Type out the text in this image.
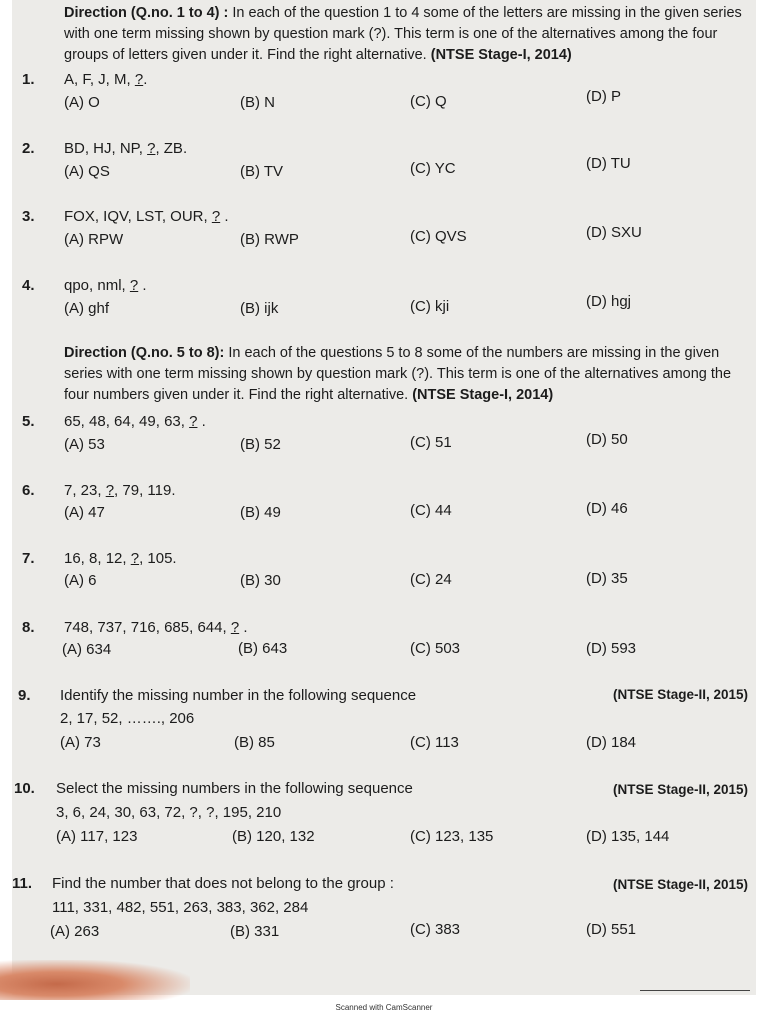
Direction (Q.no. 1 to 4) : In each of the question 1 to 4 some of the letters are missing in the given series with one term missing shown by question mark (?). This term is one of the alternatives among the four groups of letters given under it. Find the right alternative. (NTSE Stage-I, 2014)
1. A, F, J, M, ?.
(A) O	(B) N	(C) Q	(D) P
2. BD, HJ, NP, ?, ZB.
(A) QS	(B) TV	(C) YC	(D) TU
3. FOX, IQV, LST, OUR, ? .
(A) RPW	(B) RWP	(C) QVS	(D) SXU
4. qpo, nml, ? .
(A) ghf	(B) ijk	(C) kji	(D) hgj
Direction (Q.no. 5 to 8): In each of the questions 5 to 8 some of the numbers are missing in the given series with one term missing shown by question mark (?). This term is one of the alternatives among the four numbers given under it. Find the right alternative. (NTSE Stage-I, 2014)
5. 65, 48, 64, 49, 63, ? .
(A) 53	(B) 52	(C) 51	(D) 50
6. 7, 23, ?, 79, 119.
(A) 47	(B) 49	(C) 44	(D) 46
7. 16, 8, 12, ?, 105.
(A) 6	(B) 30	(C) 24	(D) 35
8. 748, 737, 716, 685, 644, ? .
(A) 634	(B) 643	(C) 503	(D) 593
9. Identify the missing number in the following sequence	(NTSE Stage-II, 2015)
2, 17, 52, ……., 206
(A) 73	(B) 85	(C) 113	(D) 184
10. Select the missing numbers in the following sequence	(NTSE Stage-II, 2015)
3, 6, 24, 30, 63, 72, ?, ?, 195, 210
(A) 117, 123	(B) 120, 132	(C) 123, 135	(D) 135, 144
11. Find the number that does not belong to the group :	(NTSE Stage-II, 2015)
111, 331, 482, 551, 263, 383, 362, 284
(A) 263	(B) 331	(C) 383	(D) 551
Scanned with CamScanner
